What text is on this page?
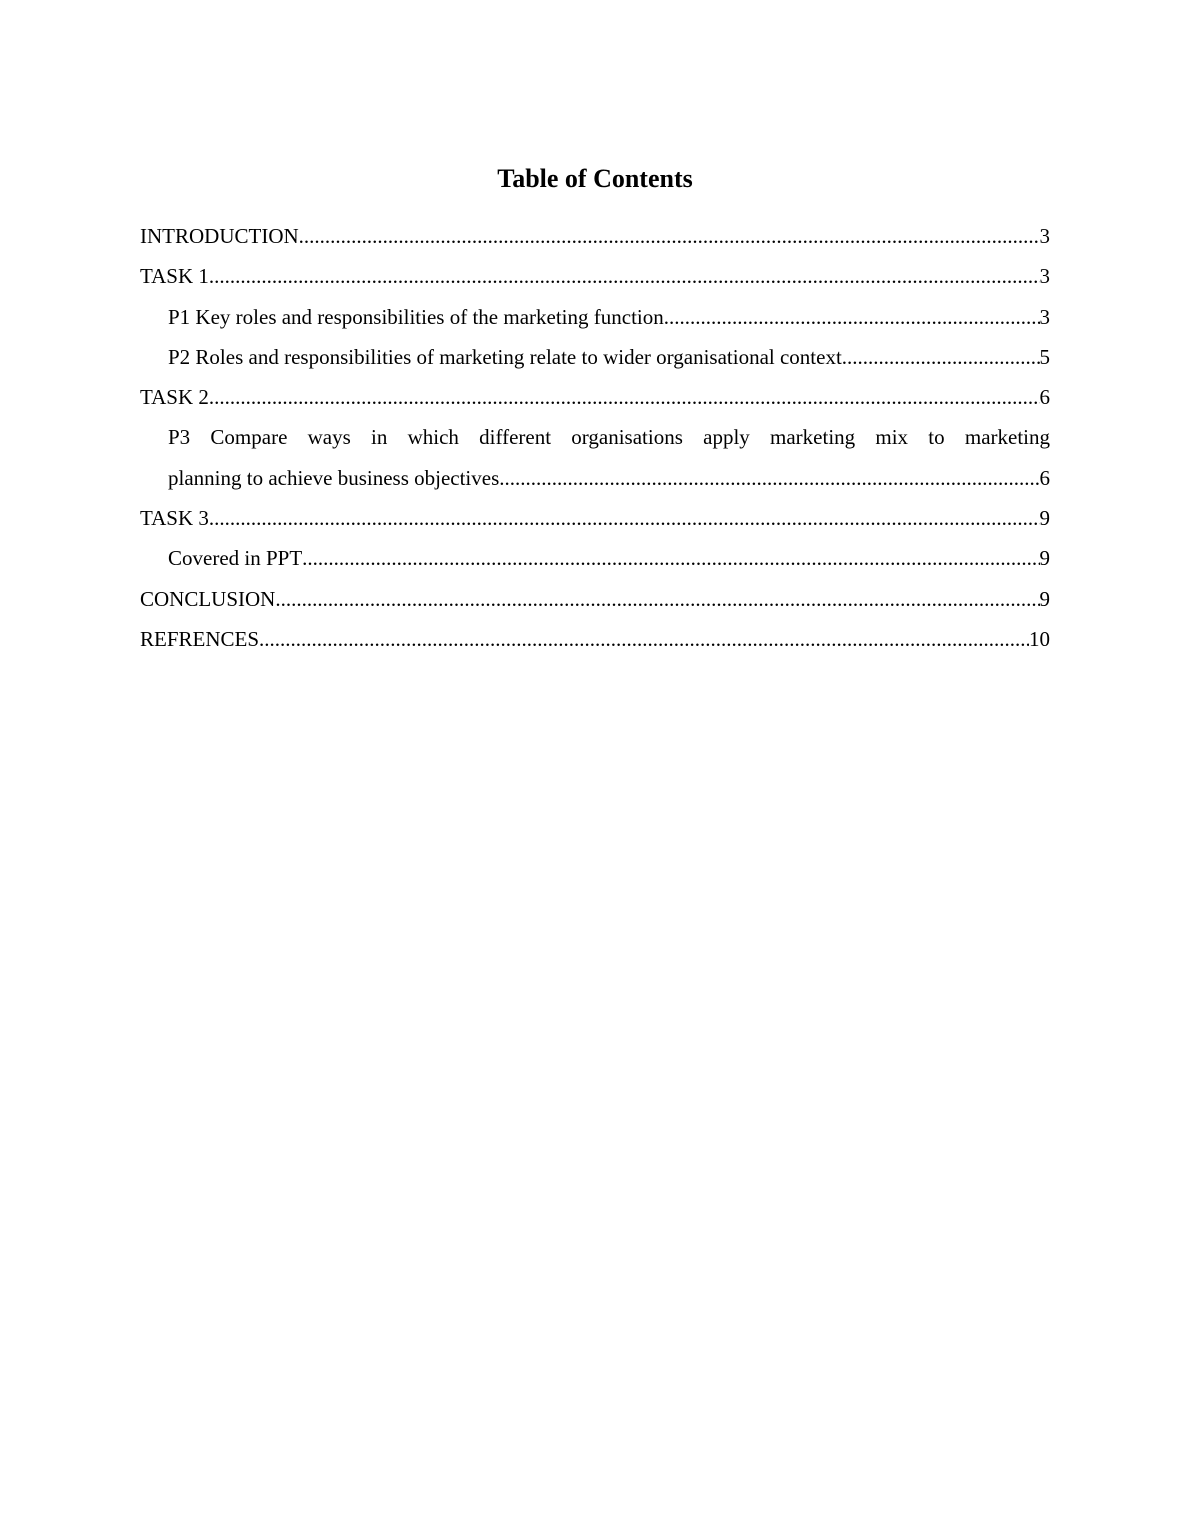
Table of Contents
INTRODUCTION .....	3
TASK 1 .....	3
P1 Key roles and responsibilities of the marketing function .....	3
P2 Roles and responsibilities of marketing relate to wider organisational context .....	5
TASK 2 .....	6
P3 Compare ways in which different organisations apply marketing mix to marketing
planning to achieve business objectives .....	6
TASK 3 .....	9
Covered in PPT .....	9
CONCLUSION .....	9
REFRENCES .....	10
